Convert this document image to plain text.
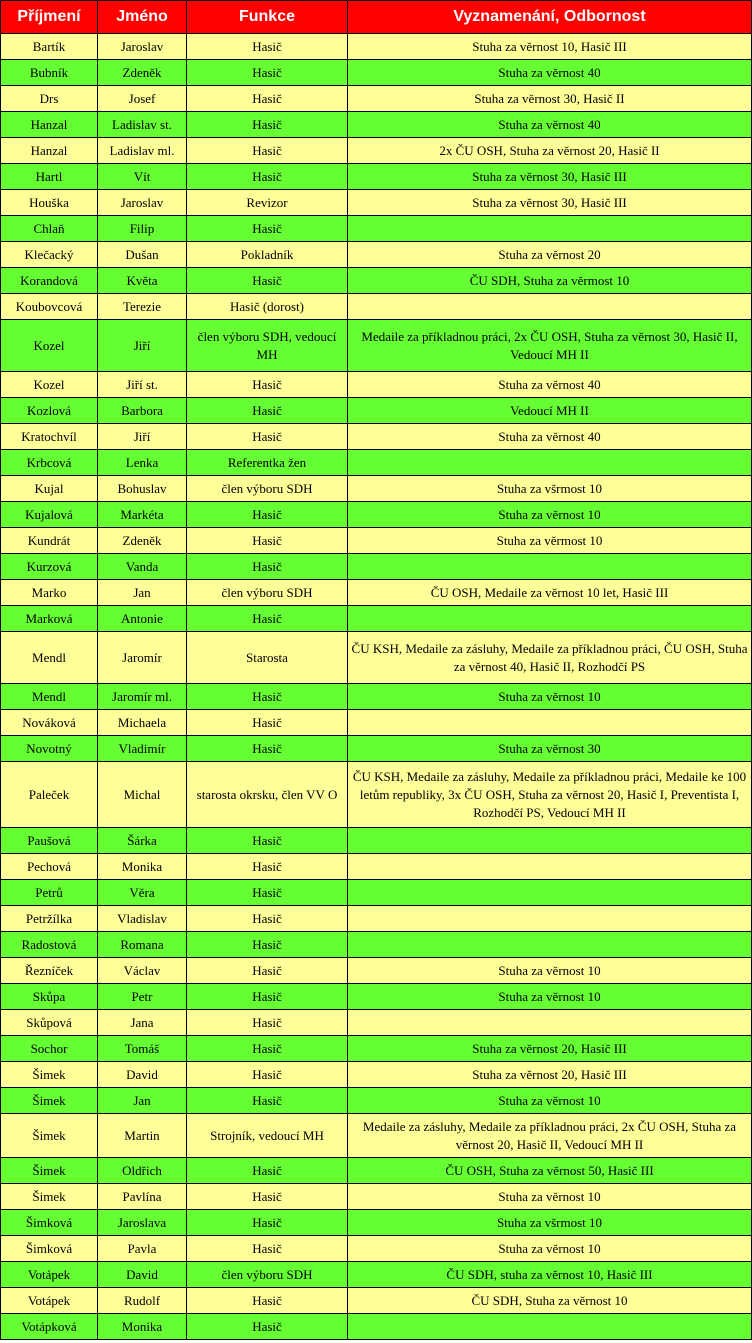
Příjmení	Jméno	Funkce	Vyznamenání, Odbornost
Bartík	Jaroslav	Hasič	Stuha za věrnost 10, Hasič III
Bubník	Zdeněk	Hasič	Stuha za věrnost 40
Drs	Josef	Hasič	Stuha za věrnost 30, Hasič II
Hanzal	Ladislav st.	Hasič	Stuha za věrnost 40
Hanzal	Ladislav ml.	Hasič	2x ČU OSH, Stuha za věrnost 20, Hasič II
Hartl	Vít	Hasič	Stuha za věrnost 30, Hasič III
Houška	Jaroslav	Revizor	Stuha za věrnost 30, Hasič III
Chlaň	Filip	Hasič	
Klečacký	Dušan	Pokladník	Stuha za věrnost 20
Korandová	Květa	Hasič	ČU SDH, Stuha za věrmost 10
Koubovcová	Terezie	Hasič (dorost)	
Kozel	Jiří	člen výboru SDH, vedoucí MH	Medaile za příkladnou práci, 2x ČU OSH, Stuha za věrnost 30, Hasič II, Vedoucí MH II
Kozel	Jiří st.	Hasič	Stuha za věrnost 40
Kozlová	Barbora	Hasič	Vedoucí MH II
Kratochvíl	Jiří	Hasič	Stuha za věrnost 40
Krbcová	Lenka	Referentka žen	
Kujal	Bohuslav	člen výboru SDH	Stuha za všrmost 10
Kujalová	Markéta	Hasič	Stuha za věrnost 10
Kundrát	Zdeněk	Hasič	Stuha za věrmost 10
Kurzová	Vanda	Hasič	
Marko	Jan	člen výboru SDH	ČU OSH, Medaile za věrnost 10 let, Hasič III
Marková	Antonie	Hasič	
Mendl	Jaromír	Starosta	ČU KSH, Medaile za zásluhy, Medaile za příkladnou práci, ČU OSH, Stuha za věrnost 40, Hasič II, Rozhodčí PS
Mendl	Jaromír ml.	Hasič	Stuha za věrnost 10
Nováková	Michaela	Hasič	
Novotný	Vladimír	Hasič	Stuha za věrnost 30
Paleček	Michal	starosta okrsku, člen VV O	ČU KSH, Medaile za zásluhy, Medaile za příkladnou práci, Medaile ke 100 letům republiky, 3x ČU OSH, Stuha za věrnost 20, Hasič I, Preventista I, Rozhodčí PS, Vedoucí MH II
Paušová	Šárka	Hasič	
Pechová	Monika	Hasič	
Petrů	Věra	Hasič	
Petržílka	Vladislav	Hasič	
Radostová	Romana	Hasič	
Řezníček	Václav	Hasič	Stuha za věrnost 10
Skůpa	Petr	Hasič	Stuha za věrnost 10
Skůpová	Jana	Hasič	
Sochor	Tomáš	Hasič	Stuha za věrnost 20, Hasič III
Šimek	David	Hasič	Stuha za věrnost 20, Hasič III
Šimek	Jan	Hasič	Stuha za věrnost 10
Šimek	Martin	Strojník, vedoucí MH	Medaile za zásluhy, Medaile za příkladnou práci, 2x ČU OSH, Stuha za věrnost 20, Hasič II, Vedoucí MH II
Šimek	Oldřich	Hasič	ČU OSH, Stuha za věrnost 50, Hasič III
Šimek	Pavlína	Hasič	Stuha za věrnost 10
Šimková	Jaroslava	Hasič	Stuha za všrmost 10
Šimková	Pavla	Hasič	Stuha za věrnost 10
Votápek	David	člen výboru SDH	ČU SDH, stuha za věrnost 10, Hasič III
Votápek	Rudolf	Hasič	ČU SDH, Stuha za věrnost 10
Votápková	Monika	Hasič	
